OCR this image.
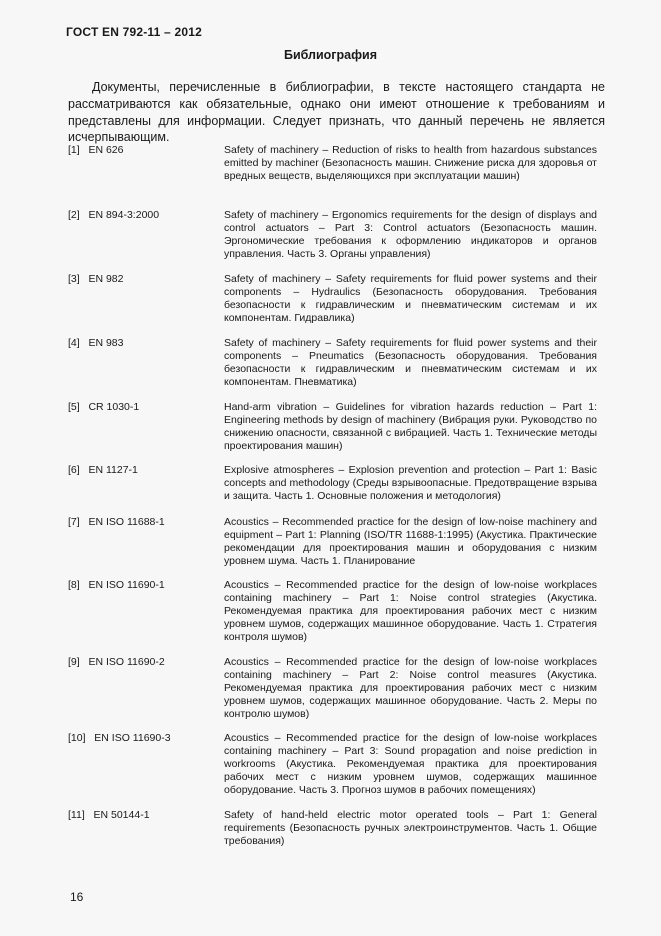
ГОСТ EN 792-11 – 2012
Библиография
Документы, перечисленные в библиографии, в тексте настоящего стандарта не рассматриваются как обязательные, однако они имеют отношение к требованиям и представлены для информации. Следует признать, что данный перечень не является исчерпывающим.
[1] EN 626	Safety of machinery – Reduction of risks to health from hazardous substances emitted by machiner (Безопасность машин. Снижение риска для здоровья от вредных веществ, выделяющихся при эксплуатации машин)
[2] EN 894-3:2000	Safety of machinery – Ergonomics requirements for the design of displays and control actuators – Part 3: Control actuators (Безопасность машин. Эргономические требования к оформлению индикаторов и органов управления. Часть 3. Органы управления)
[3] EN 982	Safety of machinery – Safety requirements for fluid power systems and their components – Hydraulics (Безопасность оборудования. Требования безопасности к гидравлическим и пневматическим системам и их компонентам. Гидравлика)
[4] EN 983	Safety of machinery – Safety requirements for fluid power systems and their components – Pneumatics (Безопасность оборудования. Требования безопасности к гидравлическим и пневматическим системам и их компонентам. Пневматика)
[5] CR 1030-1	Hand-arm vibration – Guidelines for vibration hazards reduction – Part 1: Engineering methods by design of machinery (Вибрация руки. Руководство по снижению опасности, связанной с вибрацией. Часть 1. Технические методы проектирования машин)
[6] EN 1127-1	Explosive atmospheres – Explosion prevention and protection – Part 1: Basic concepts and methodology (Среды взрывоопасные. Предотвращение взрыва и защита. Часть 1. Основные положения и методология)
[7] EN ISO 11688-1	Acoustics – Recommended practice for the design of low-noise machinery and equipment – Part 1: Planning (ISO/TR 11688-1:1995) (Акустика. Практические рекомендации для проектирования машин и оборудования с низким уровнем шума. Часть 1. Планирование
[8] EN ISO 11690-1	Acoustics – Recommended practice for the design of low-noise workplaces containing machinery – Part 1: Noise control strategies (Акустика. Рекомендуемая практика для проектирования рабочих мест с низким уровнем шумов, содержащих машинное оборудование. Часть 1. Стратегия контроля шумов)
[9] EN ISO 11690-2	Acoustics – Recommended practice for the design of low-noise workplaces containing machinery – Part 2: Noise control measures (Акустика. Рекомендуемая практика для проектирования рабочих мест с низким уровнем шумов, содержащих машинное оборудование. Часть 2. Меры по контролю шумов)
[10] EN ISO 11690-3	Acoustics – Recommended practice for the design of low-noise workplaces containing machinery – Part 3: Sound propagation and noise prediction in workrooms (Акустика. Рекомендуемая практика для проектирования рабочих мест с низким уровнем шумов, содержащих машинное оборудование. Часть 3. Прогноз шумов в рабочих помещениях)
[11] EN 50144-1	Safety of hand-held electric motor operated tools – Part 1: General requirements (Безопасность ручных электроинструментов. Часть 1. Общие требования)
16
